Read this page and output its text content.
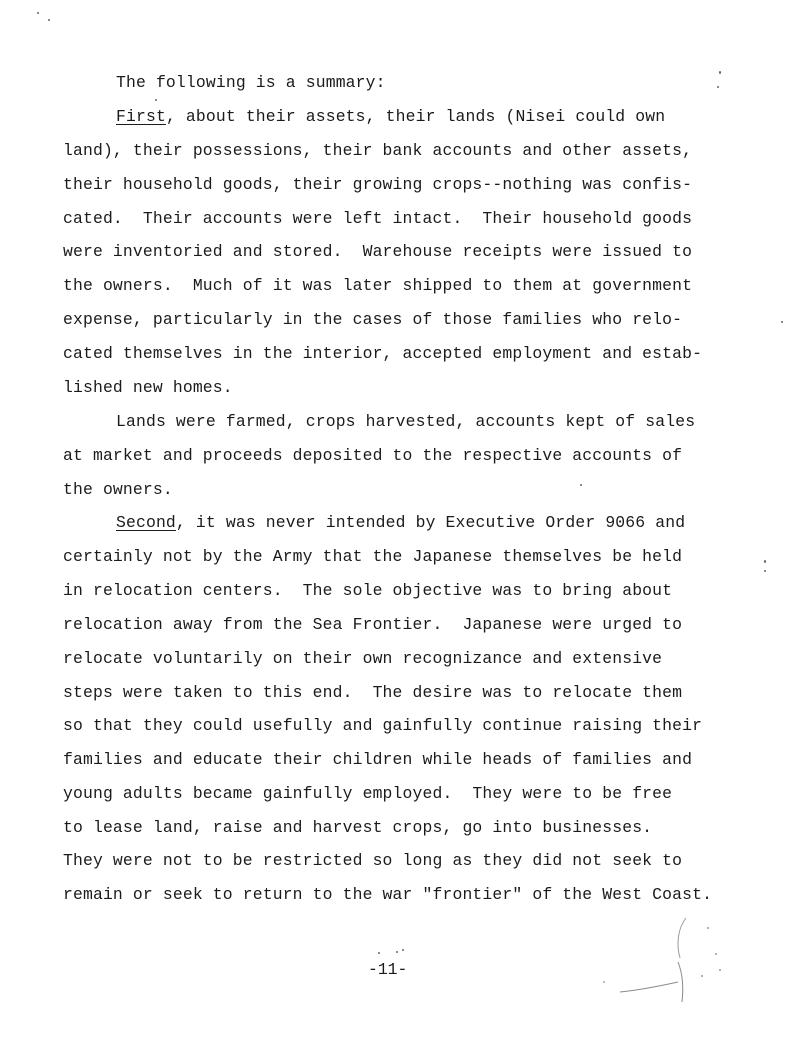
The following is a summary:
First, about their assets, their lands (Nisei could own
land), their possessions, their bank accounts and other assets,
their household goods, their growing crops--nothing was confis-
cated.  Their accounts were left intact.  Their household goods
were inventoried and stored.  Warehouse receipts were issued to
the owners.  Much of it was later shipped to them at government
expense, particularly in the cases of those families who relo-
cated themselves in the interior, accepted employment and estab-
lished new homes.
Lands were farmed, crops harvested, accounts kept of sales
at market and proceeds deposited to the respective accounts of
the owners.
Second, it was never intended by Executive Order 9066 and
certainly not by the Army that the Japanese themselves be held
in relocation centers.  The sole objective was to bring about
relocation away from the Sea Frontier.  Japanese were urged to
relocate voluntarily on their own recognizance and extensive
steps were taken to this end.  The desire was to relocate them
so that they could usefully and gainfully continue raising their
families and educate their children while heads of families and
young adults became gainfully employed.  They were to be free
to lease land, raise and harvest crops, go into businesses.
They were not to be restricted so long as they did not seek to
remain or seek to return to the war "frontier" of the West Coast.
-11-
